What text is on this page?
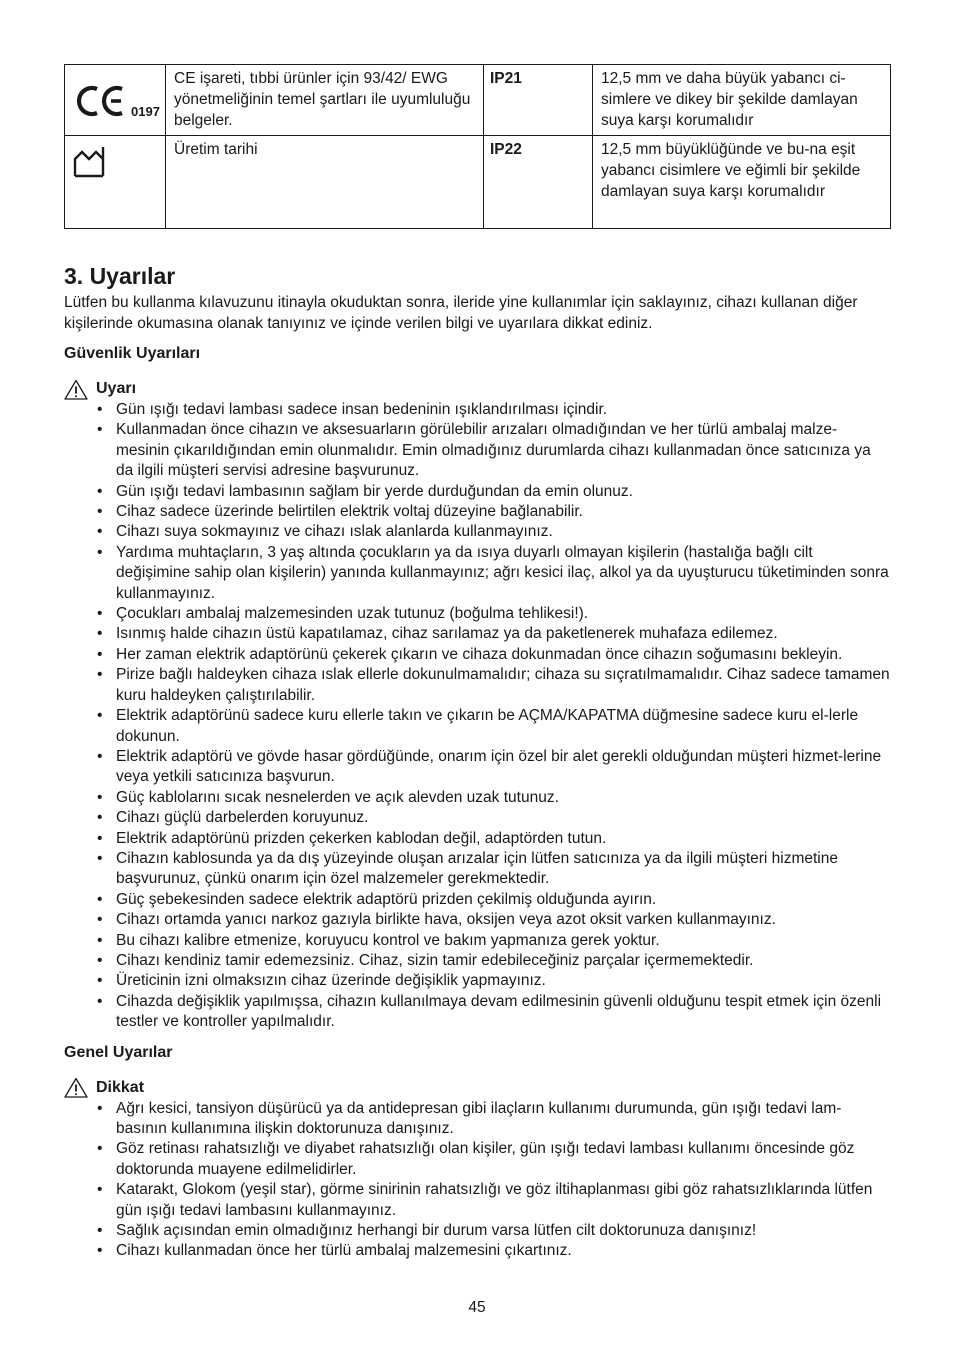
0197	CE işareti, tıbbi ürünler için 93/42/ EWG yönetmeliğinin temel şartları ile uyumluluğu belgeler.	IP21	12,5 mm ve daha büyük yabancı ci-simlere ve dikey bir şekilde damlayan suya karşı korumalıdır

	Üretim tarihi	IP22	12,5 mm büyüklüğünde ve bu-na eşit yabancı cisimlere ve eğimli bir şekilde damlayan suya karşı korumalıdır
3. Uyarılar

Lütfen bu kullanma kılavuzunu itinayla okuduktan sonra, ileride yine kullanımlar için saklayınız, cihazı kullanan diğer kişilerinde okumasına olanak tanıyınız ve içinde verilen bilgi ve uyarılara dikkat ediniz.

Güvenlik Uyarıları
Uyarı
• Gün ışığı tedavi lambası sadece insan bedeninin ışıklandırılması içindir.
• Kullanmadan önce cihazın ve aksesuarların görülebilir arızaları olmadığından ve her türlü ambalaj malze-mesinin çıkarıldığından emin olunmalıdır. Emin olmadığınız durumlarda cihazı kullanmadan önce satıcınıza ya da ilgili müşteri servisi adresine başvurunuz.
• Gün ışığı tedavi lambasının sağlam bir yerde durduğundan da emin olunuz.
• Cihaz sadece üzerinde belirtilen elektrik voltaj düzeyine bağlanabilir.
• Cihazı suya sokmayınız ve cihazı ıslak alanlarda kullanmayınız.
• Yardıma muhtaçların, 3 yaş altında çocukların ya da ısıya duyarlı olmayan kişilerin (hastalığa bağlı cilt değişimine sahip olan kişilerin) yanında kullanmayınız; ağrı kesici ilaç, alkol ya da uyuşturucu tüketiminden sonra kullanmayınız.
• Çocukları ambalaj malzemesinden uzak tutunuz (boğulma tehlikesi!).
• Isınmış halde cihazın üstü kapatılamaz, cihaz sarılamaz ya da paketlenerek muhafaza edilemez.
• Her zaman elektrik adaptörünü çekerek çıkarın ve cihaza dokunmadan önce cihazın soğumasını bekleyin.
• Pirize bağlı haldeyken cihaza ıslak ellerle dokunulmamalıdır; cihaza su sıçratılmamalıdır. Cihaz sadece tamamen kuru haldeyken çalıştırılabilir.
• Elektrik adaptörünü sadece kuru ellerle takın ve çıkarın be AÇMA/KAPATMA düğmesine sadece kuru el-lerle dokunun.
• Elektrik adaptörü ve gövde hasar gördüğünde, onarım için özel bir alet gerekli olduğundan müşteri hizmet-lerine veya yetkili satıcınıza başvurun.
• Güç kablolarını sıcak nesnelerden ve açık alevden uzak tutunuz.
• Cihazı güçlü darbelerden koruyunuz.
• Elektrik adaptörünü prizden çekerken kablodan değil, adaptörden tutun.
• Cihazın kablosunda ya da dış yüzeyinde oluşan arızalar için lütfen satıcınıza ya da ilgili müşteri hizmetine başvurunuz, çünkü onarım için özel malzemeler gerekmektedir.
• Güç şebekesinden sadece elektrik adaptörü prizden çekilmiş olduğunda ayırın.
• Cihazı ortamda yanıcı narkoz gazıyla birlikte hava, oksijen veya azot oksit varken kullanmayınız.
• Bu cihazı kalibre etmenize, koruyucu kontrol ve bakım yapmanıza gerek yoktur.
• Cihazı kendiniz tamir edemezsiniz. Cihaz, sizin tamir edebileceğiniz parçalar içermemektedir.
• Üreticinin izni olmaksızın cihaz üzerinde değişiklik yapmayınız.
• Cihazda değişiklik yapılmışsa, cihazın kullanılmaya devam edilmesinin güvenli olduğunu tespit etmek için özenli testler ve kontroller yapılmalıdır.
Genel Uyarılar
Dikkat
• Ağrı kesici, tansiyon düşürücü ya da antidepresan gibi ilaçların kullanımı durumunda, gün ışığı tedavi lam-basının kullanımına ilişkin doktorunuza danışınız.
• Göz retinası rahatsızlığı ve diyabet rahatsızlığı olan kişiler, gün ışığı tedavi lambası kullanımı öncesinde göz doktorunda muayene edilmelidirler.
• Katarakt, Glokom (yeşil star), görme sinirinin rahatsızlığı ve göz iltihaplanması gibi göz rahatsızlıklarında lütfen gün ışığı tedavi lambasını kullanmayınız.
• Sağlık açısından emin olmadığınız herhangi bir durum varsa lütfen cilt doktorunuza danışınız!
• Cihazı kullanmadan önce her türlü ambalaj malzemesini çıkartınız.
45
